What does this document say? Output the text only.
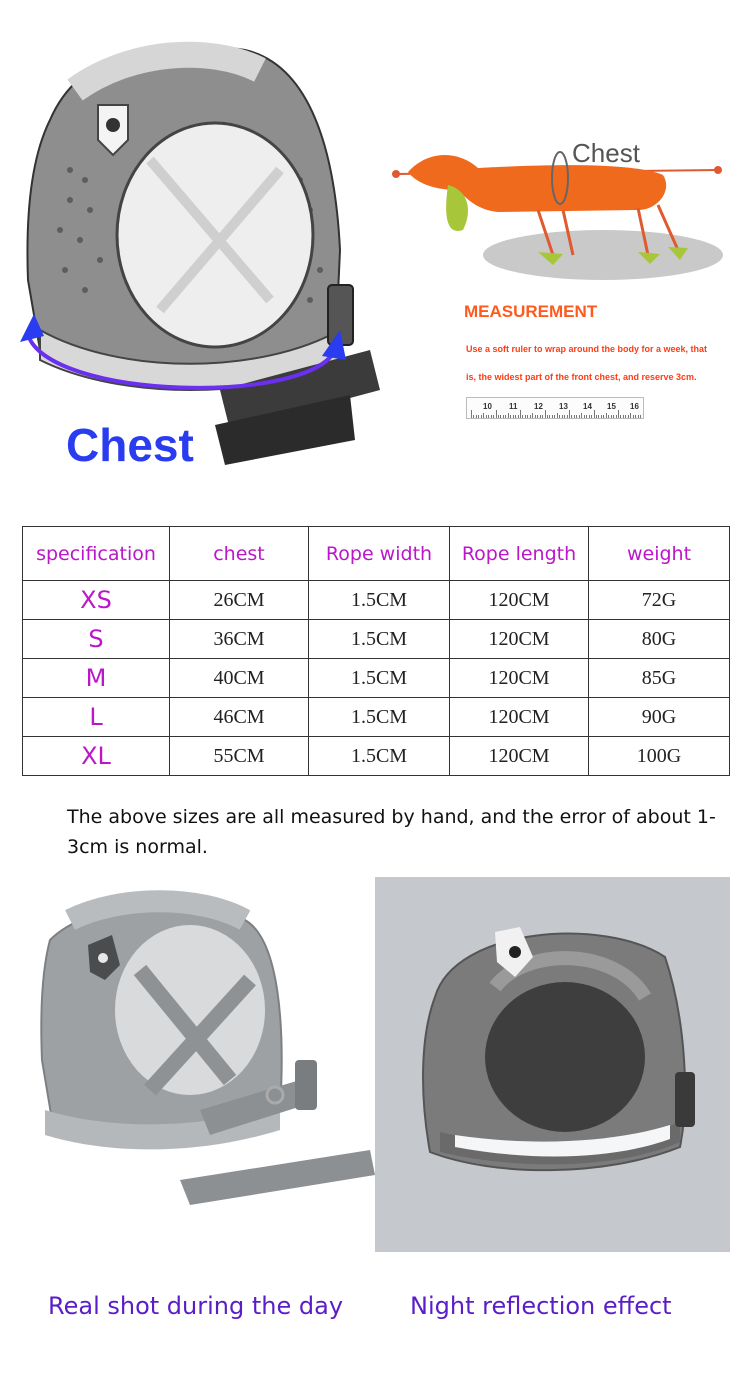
Chest
Chest
MEASUREMENT
Use a soft ruler to wrap around the body for a week, that
is, the widest part of the front chest, and reserve 3cm.
10 11 12 13 14 15 16
specification	chest	Rope width	Rope length	weight
XS	26CM	1.5CM	120CM	72G
S	36CM	1.5CM	120CM	80G
M	40CM	1.5CM	120CM	85G
L	46CM	1.5CM	120CM	90G
XL	55CM	1.5CM	120CM	100G
The above sizes are all measured by hand, and the error of about 1-3cm is normal.
Real shot during the day	Night reflection effect
